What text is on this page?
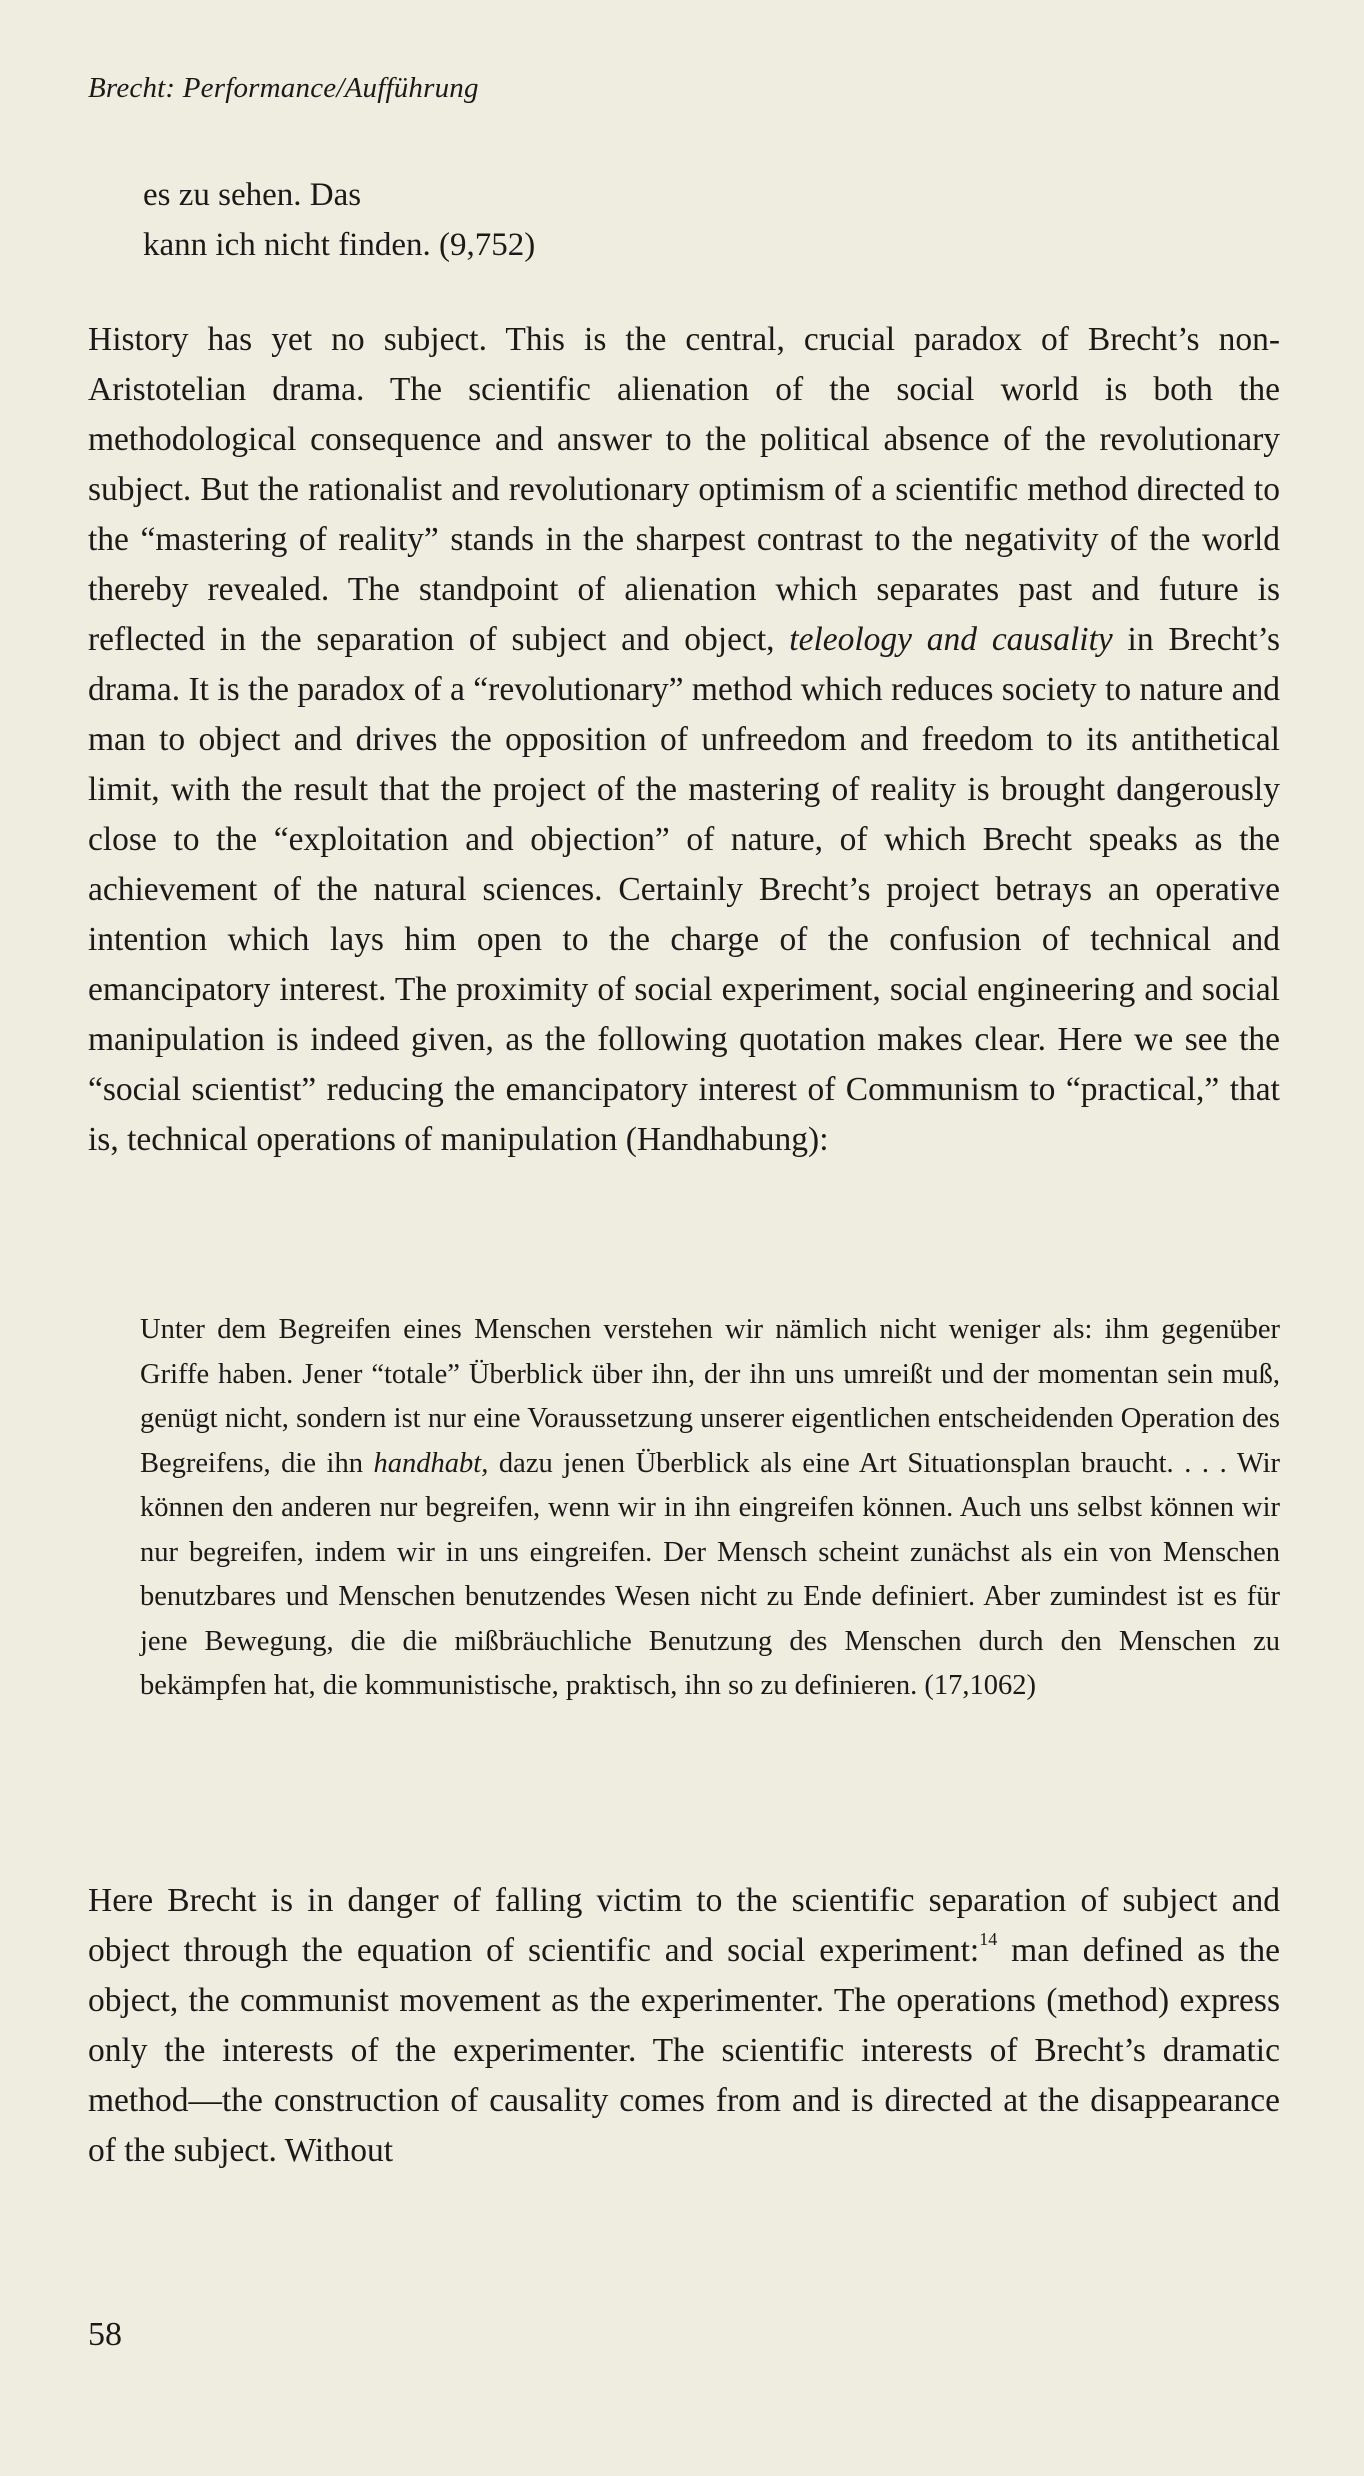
Brecht: Performance/Aufführung
es zu sehen. Das
kann ich nicht finden. (9,752)
History has yet no subject. This is the central, crucial paradox of Brecht’s non-Aristotelian drama. The scientific alienation of the social world is both the methodological consequence and answer to the political absence of the revolutionary subject. But the rationalist and revolutionary optimism of a scientific method directed to the “mastering of reality” stands in the sharpest contrast to the negativity of the world thereby revealed. The standpoint of alienation which separates past and future is reflected in the separation of subject and object, teleology and causality in Brecht’s drama. It is the paradox of a “revolutionary” method which reduces society to nature and man to object and drives the opposition of unfreedom and freedom to its antithetical limit, with the result that the project of the mastering of reality is brought dangerously close to the “exploitation and objection” of nature, of which Brecht speaks as the achievement of the natural sciences. Certainly Brecht’s project betrays an operative intention which lays him open to the charge of the confusion of technical and emancipatory interest. The proximity of social experiment, social engineering and social manipulation is indeed given, as the following quotation makes clear. Here we see the “social scientist” reducing the emancipatory interest of Communism to “practical,” that is, technical operations of manipulation (Handhabung):
Unter dem Begreifen eines Menschen verstehen wir nämlich nicht weniger als: ihm gegenüber Griffe haben. Jener “totale” Überblick über ihn, der ihn uns umreißt und der momentan sein muß, genügt nicht, sondern ist nur eine Voraussetzung unserer eigentlichen entscheidenden Operation des Begreifens, die ihn handhabt, dazu jenen Überblick als eine Art Situationsplan braucht. . . . Wir können den anderen nur begreifen, wenn wir in ihn eingreifen können. Auch uns selbst können wir nur begreifen, indem wir in uns eingreifen. Der Mensch scheint zunächst als ein von Menschen benutzbares und Menschen benutzendes Wesen nicht zu Ende definiert. Aber zumindest ist es für jene Bewegung, die die mißbräuchliche Benutzung des Menschen durch den Menschen zu bekämpfen hat, die kommunistische, praktisch, ihn so zu definieren. (17,1062)
Here Brecht is in danger of falling victim to the scientific separation of subject and object through the equation of scientific and social experiment:$^{14}$ man defined as the object, the communist movement as the experimenter. The operations (method) express only the interests of the experimenter. The scientific interests of Brecht’s dramatic method—the construction of causality comes from and is directed at the disappearance of the subject. Without
58
